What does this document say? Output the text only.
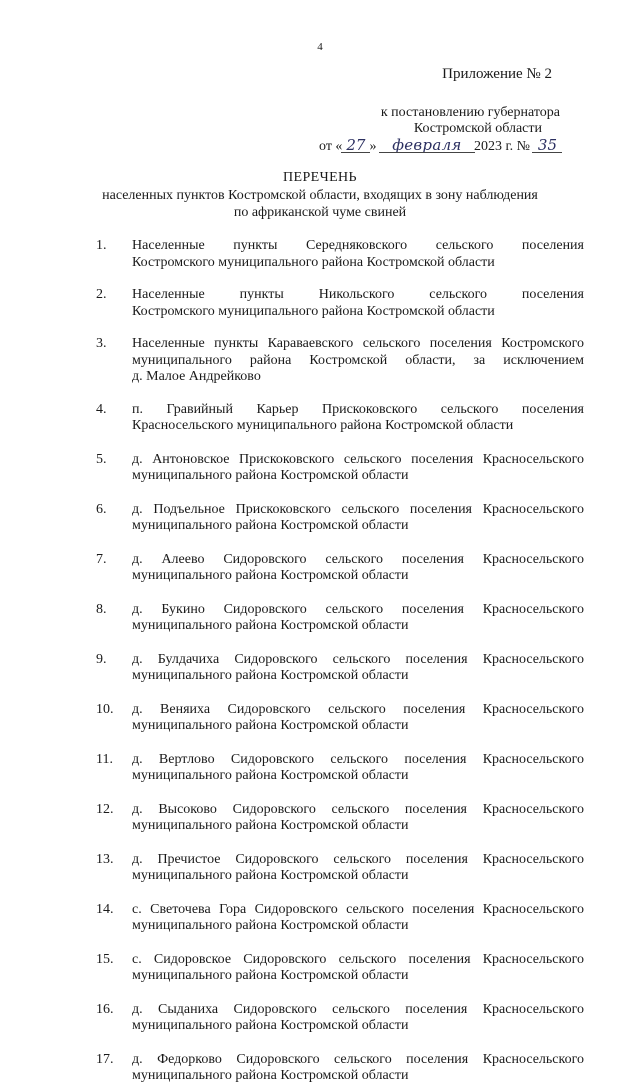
4
Приложение № 2
к постановлению губернатора
Костромской области
от « 27 » февраля 2023 г. № 35
ПЕРЕЧЕНЬ
населенных пунктов Костромской области, входящих в зону наблюдения
по африканской чуме свиней
1. Населенные пункты Середняковского сельского поселения
Костромского муниципального района Костромской области
2. Населенные пункты Никольского сельского поселения
Костромского муниципального района Костромской области
3. Населенные пункты Караваевского сельского поселения Костромского
муниципального района Костромской области, за исключением
д. Малое Андрейково
4. п. Гравийный Карьер Прискоковского сельского поселения
Красносельского муниципального района Костромской области
5. д. Антоновское Прискоковского сельского поселения Красносельского
муниципального района Костромской области
6. д. Подъельное Прискоковского сельского поселения Красносельского
муниципального района Костромской области
7. д. Алеево Сидоровского сельского поселения Красносельского
муниципального района Костромской области
8. д. Букино Сидоровского сельского поселения Красносельского
муниципального района Костромской области
9. д. Булдачиха Сидоровского сельского поселения Красносельского
муниципального района Костромской области
10. д. Веняиха Сидоровского сельского поселения Красносельского
муниципального района Костромской области
11. д. Вертлово Сидоровского сельского поселения Красносельского
муниципального района Костромской области
12. д. Высоково Сидоровского сельского поселения Красносельского
муниципального района Костромской области
13. д. Пречистое Сидоровского сельского поселения Красносельского
муниципального района Костромской области
14. с. Светочева Гора Сидоровского сельского поселения Красносельского
муниципального района Костромской области
15. с. Сидоровское Сидоровского сельского поселения Красносельского
муниципального района Костромской области
16. д. Сыданиха Сидоровского сельского поселения Красносельского
муниципального района Костромской области
17. д. Федорково Сидоровского сельского поселения Красносельского
муниципального района Костромской области
